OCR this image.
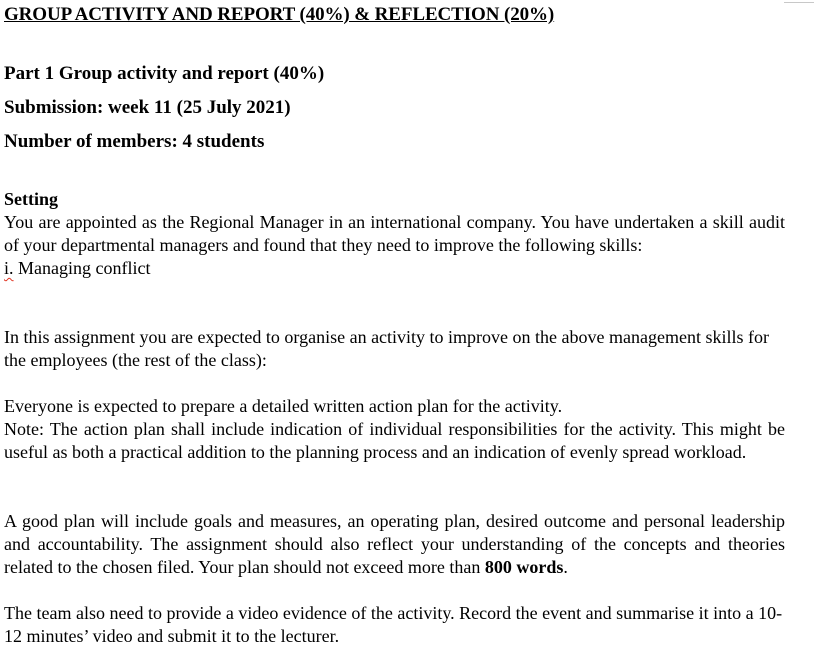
GROUP ACTIVITY AND REPORT (40%) & REFLECTION (20%)
Part 1 Group activity and report (40%)
Submission: week 11 (25 July 2021)
Number of members: 4 students
Setting
You are appointed as the Regional Manager in an international company. You have undertaken a skill audit of your departmental managers and found that they need to improve the following skills:
i. Managing conflict
In this assignment you are expected to organise an activity to improve on the above management skills for the employees (the rest of the class):
Everyone is expected to prepare a detailed written action plan for the activity.
Note: The action plan shall include indication of individual responsibilities for the activity. This might be useful as both a practical addition to the planning process and an indication of evenly spread workload.
A good plan will include goals and measures, an operating plan, desired outcome and personal leadership and accountability. The assignment should also reflect your understanding of the concepts and theories related to the chosen filed. Your plan should not exceed more than 800 words.
The team also need to provide a video evidence of the activity. Record the event and summarise it into a 10-12 minutes’ video and submit it to the lecturer.
